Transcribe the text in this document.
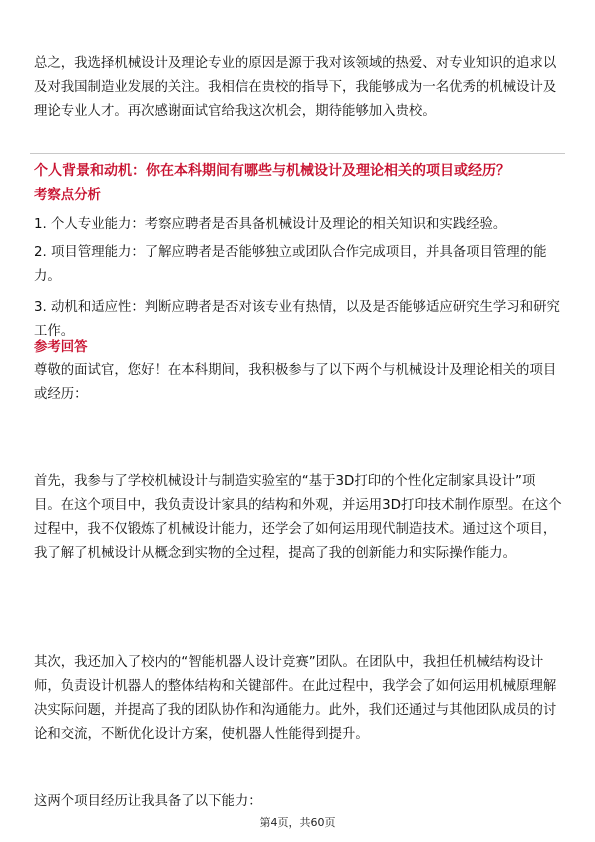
总之，我选择机械设计及理论专业的原因是源于我对该领域的热爱、对专业知识的追求以及对我国制造业发展的关注。我相信在贵校的指导下，我能够成为一名优秀的机械设计及理论专业人才。再次感谢面试官给我这次机会，期待能够加入贵校。

个人背景和动机：你在本科期间有哪些与机械设计及理论相关的项目或经历？

考察点分析

1. 个人专业能力：考察应聘者是否具备机械设计及理论的相关知识和实践经验。

2. 项目管理能力：了解应聘者是否能够独立或团队合作完成项目，并具备项目管理的能力。

3. 动机和适应性：判断应聘者是否对该专业有热情，以及是否能够适应研究生学习和研究工作。

参考回答

尊敬的面试官，您好！在本科期间，我积极参与了以下两个与机械设计及理论相关的项目或经历：

首先，我参与了学校机械设计与制造实验室的“基于3D打印的个性化定制家具设计”项目。在这个项目中，我负责设计家具的结构和外观，并运用3D打印技术制作原型。在这个过程中，我不仅锻炼了机械设计能力，还学会了如何运用现代制造技术。通过这个项目，我了解了机械设计从概念到实物的全过程，提高了我的创新能力和实际操作能力。

其次，我还加入了校内的“智能机器人设计竞赛”团队。在团队中，我担任机械结构设计师，负责设计机器人的整体结构和关键部件。在此过程中，我学会了如何运用机械原理解决实际问题，并提高了我的团队协作和沟通能力。此外，我们还通过与其他团队成员的讨论和交流，不断优化设计方案，使机器人性能得到提升。

这两个项目经历让我具备了以下能力：

第4页，共60页
